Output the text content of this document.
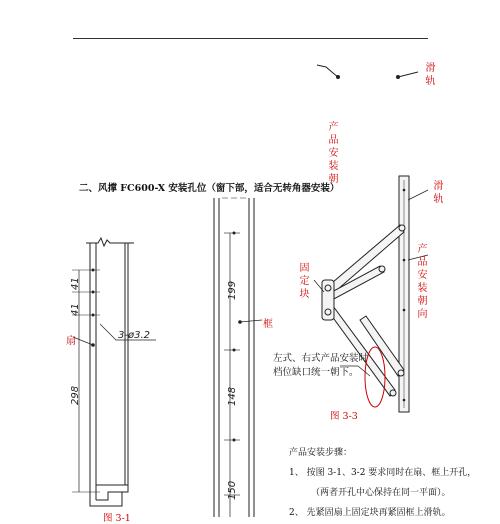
滑轨
产品安装朝
二、风撑 FC600-X 安装孔位（窗下部，适合无转角器安装）
41
41
3-ø3.2
298
扇
图 3-1
199
148
150
框
滑轨
产品安装朝向
固定块
左式、右式产品安装时档位缺口统一朝下。
图 3-3
产品安装步骤：
1、 按图 3-1、3-2 要求同时在扇、框上开孔，
（两者开孔中心保持在同一平面）。
2、 先紧固扇上固定块再紧固框上滑轨。
